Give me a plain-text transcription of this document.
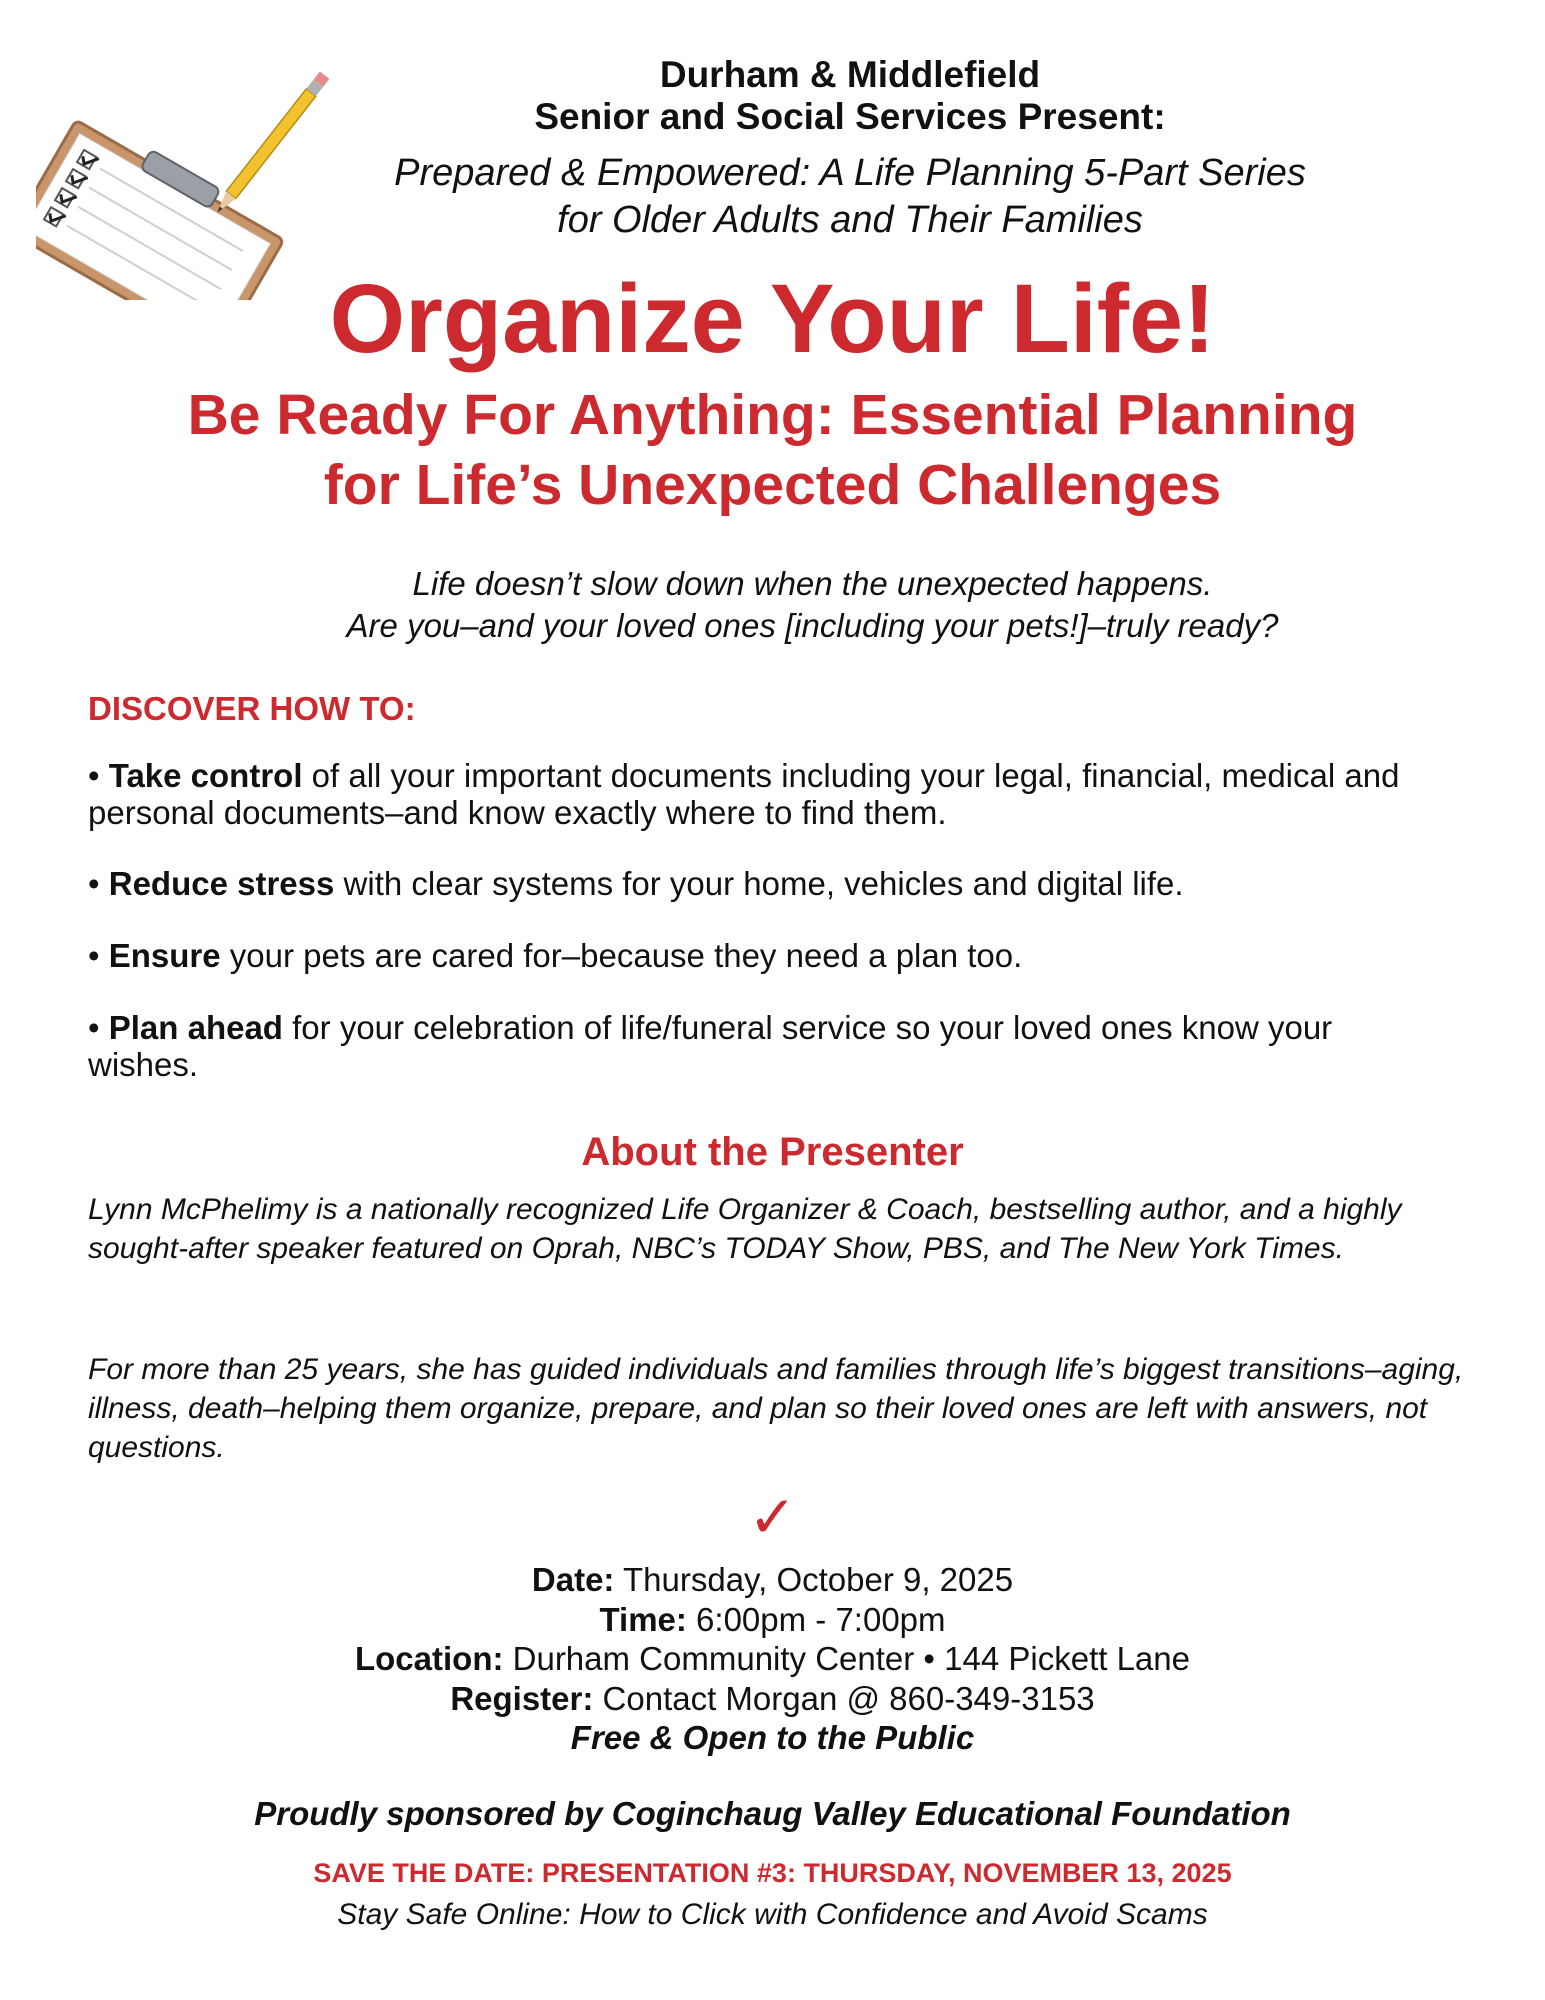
Durham & Middlefield
Senior and Social Services Present:
Prepared & Empowered: A Life Planning 5-Part Series
for Older Adults and Their Families
Organize Your Life!
Be Ready For Anything: Essential Planning
for Life’s Unexpected Challenges
Life doesn’t slow down when the unexpected happens.
Are you–and your loved ones [including your pets!]–truly ready?
DISCOVER HOW TO:
• Take control of all your important documents including your legal, financial, medical and personal documents–and know exactly where to find them.
• Reduce stress with clear systems for your home, vehicles and digital life.
• Ensure your pets are cared for–because they need a plan too.
• Plan ahead for your celebration of life/funeral service so your loved ones know your wishes.
About the Presenter
Lynn McPhelimy is a nationally recognized Life Organizer & Coach, bestselling author, and a highly sought-after speaker featured on Oprah, NBC’s TODAY Show, PBS, and The New York Times.
For more than 25 years, she has guided individuals and families through life’s biggest transitions–aging, illness, death–helping them organize, prepare, and plan so their loved ones are left with answers, not questions.
✓
Date: Thursday, October 9, 2025
Time: 6:00pm - 7:00pm
Location: Durham Community Center • 144 Pickett Lane
Register: Contact Morgan @ 860-349-3153
Free & Open to the Public
Proudly sponsored by Coginchaug Valley Educational Foundation
SAVE THE DATE: PRESENTATION #3: THURSDAY, NOVEMBER 13, 2025
Stay Safe Online: How to Click with Confidence and Avoid Scams
